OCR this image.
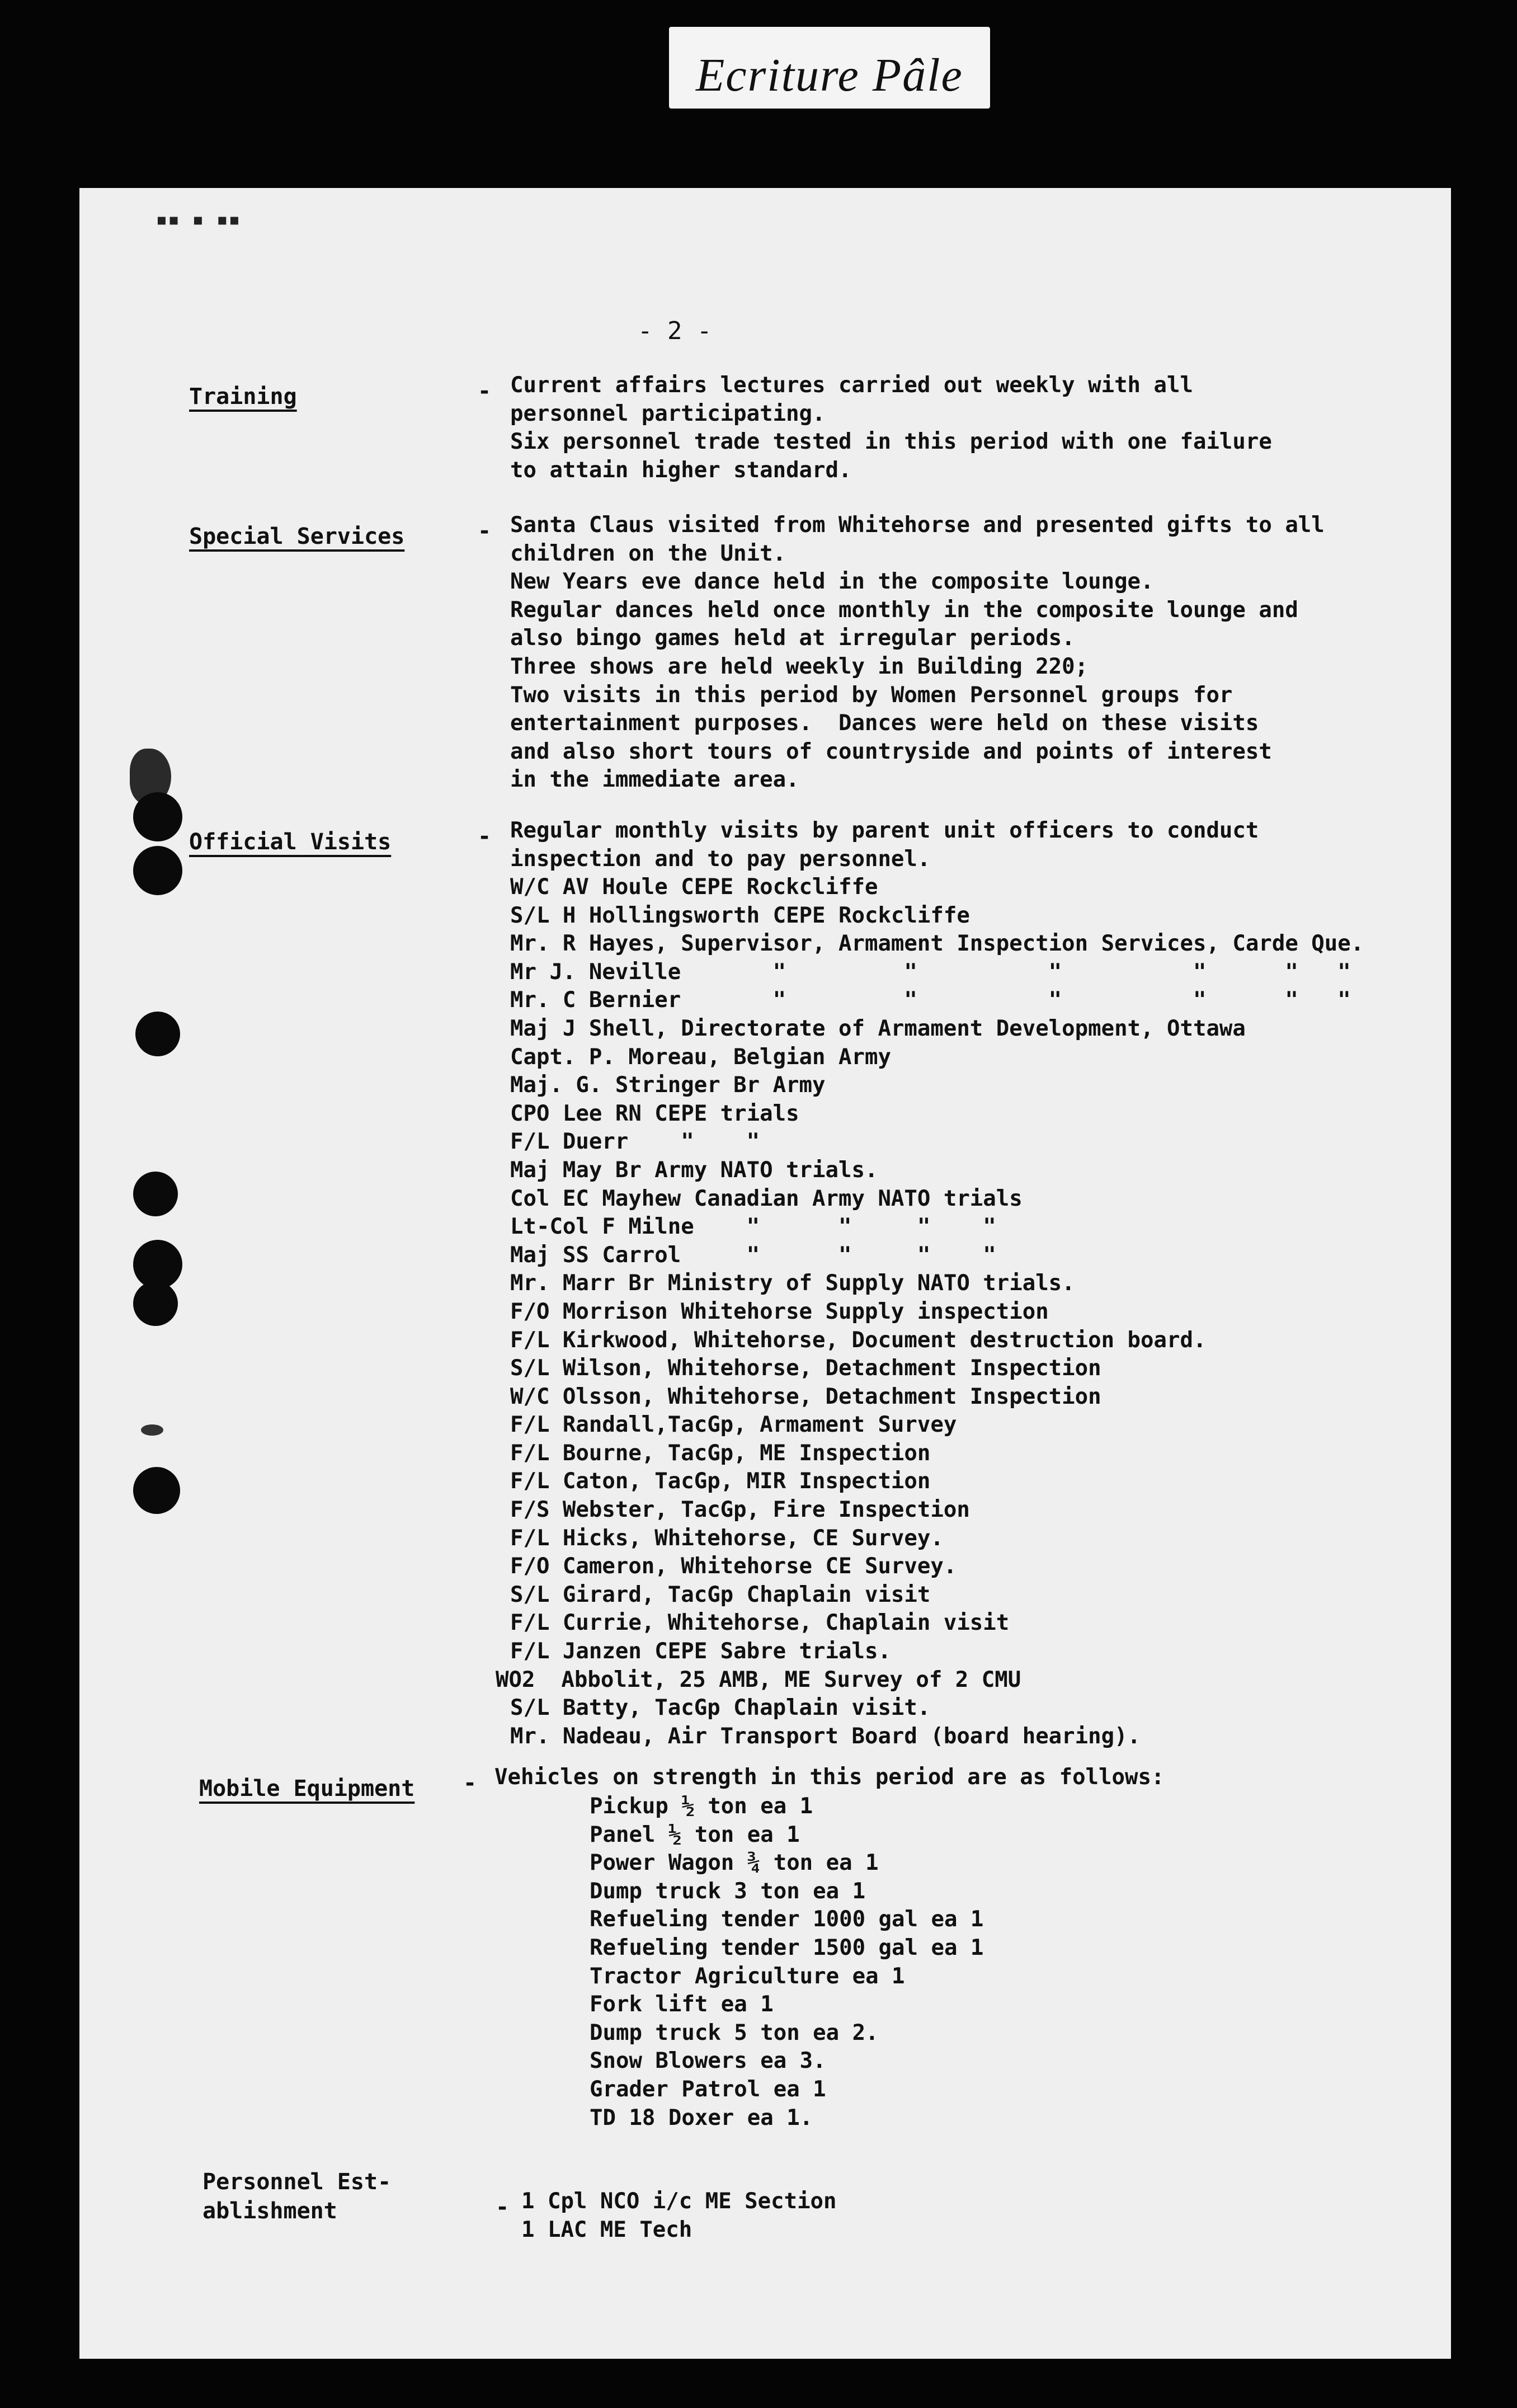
Ecriture Pâle
▪▪ ▪ ▪▪
- 2 -
Training	- Current affairs lectures carried out weekly with all
personnel participating.
Six personnel trade tested in this period with one failure
to attain higher standard.
Special Services	- Santa Claus visited from Whitehorse and presented gifts to all
children on the Unit.
New Years eve dance held in the composite lounge.
Regular dances held once monthly in the composite lounge and
also bingo games held at irregular periods.
Three shows are held weekly in Building 220;
Two visits in this period by Women Personnel groups for
entertainment purposes.  Dances were held on these visits
and also short tours of countryside and points of interest
in the immediate area.
Official Visits	- Regular monthly visits by parent unit officers to conduct
inspection and to pay personnel.
W/C AV Houle CEPE Rockcliffe
S/L H Hollingsworth CEPE Rockcliffe
Mr. R Hayes, Supervisor, Armament Inspection Services, Carde Que.
Mr J. Neville       "         "          "          "      "   "
Mr. C Bernier       "         "          "          "      "   "
Maj J Shell, Directorate of Armament Development, Ottawa
Capt. P. Moreau, Belgian Army
Maj. G. Stringer Br Army
CPO Lee RN CEPE trials
F/L Duerr    "    "
Maj May Br Army NATO trials.
Col EC Mayhew Canadian Army NATO trials
Lt-Col F Milne    "      "     "    "
Maj SS Carrol     "      "     "    "
Mr. Marr Br Ministry of Supply NATO trials.
F/O Morrison Whitehorse Supply inspection
F/L Kirkwood, Whitehorse, Document destruction board.
S/L Wilson, Whitehorse, Detachment Inspection
W/C Olsson, Whitehorse, Detachment Inspection
F/L Randall,TacGp, Armament Survey
F/L Bourne, TacGp, ME Inspection
F/L Caton, TacGp, MIR Inspection
F/S Webster, TacGp, Fire Inspection
F/L Hicks, Whitehorse, CE Survey.
F/O Cameron, Whitehorse CE Survey.
S/L Girard, TacGp Chaplain visit
F/L Currie, Whitehorse, Chaplain visit
F/L Janzen CEPE Sabre trials.
WO2  Abbolit, 25 AMB, ME Survey of 2 CMU
S/L Batty, TacGp Chaplain visit.
Mr. Nadeau, Air Transport Board (board hearing).
Mobile Equipment - Vehicles on strength in this period are as follows:
Pickup ½ ton ea 1
Panel ½ ton ea 1
Power Wagon ¾ ton ea 1
Dump truck 3 ton ea 1
Refueling tender 1000 gal ea 1
Refueling tender 1500 gal ea 1
Tractor Agriculture ea 1
Fork lift ea 1
Dump truck 5 ton ea 2.
Snow Blowers ea 3.
Grader Patrol ea 1
TD 18 Doxer ea 1.
Personnel Est-
ablishment	- 1 Cpl NCO i/c ME Section
1 LAC ME Tech
